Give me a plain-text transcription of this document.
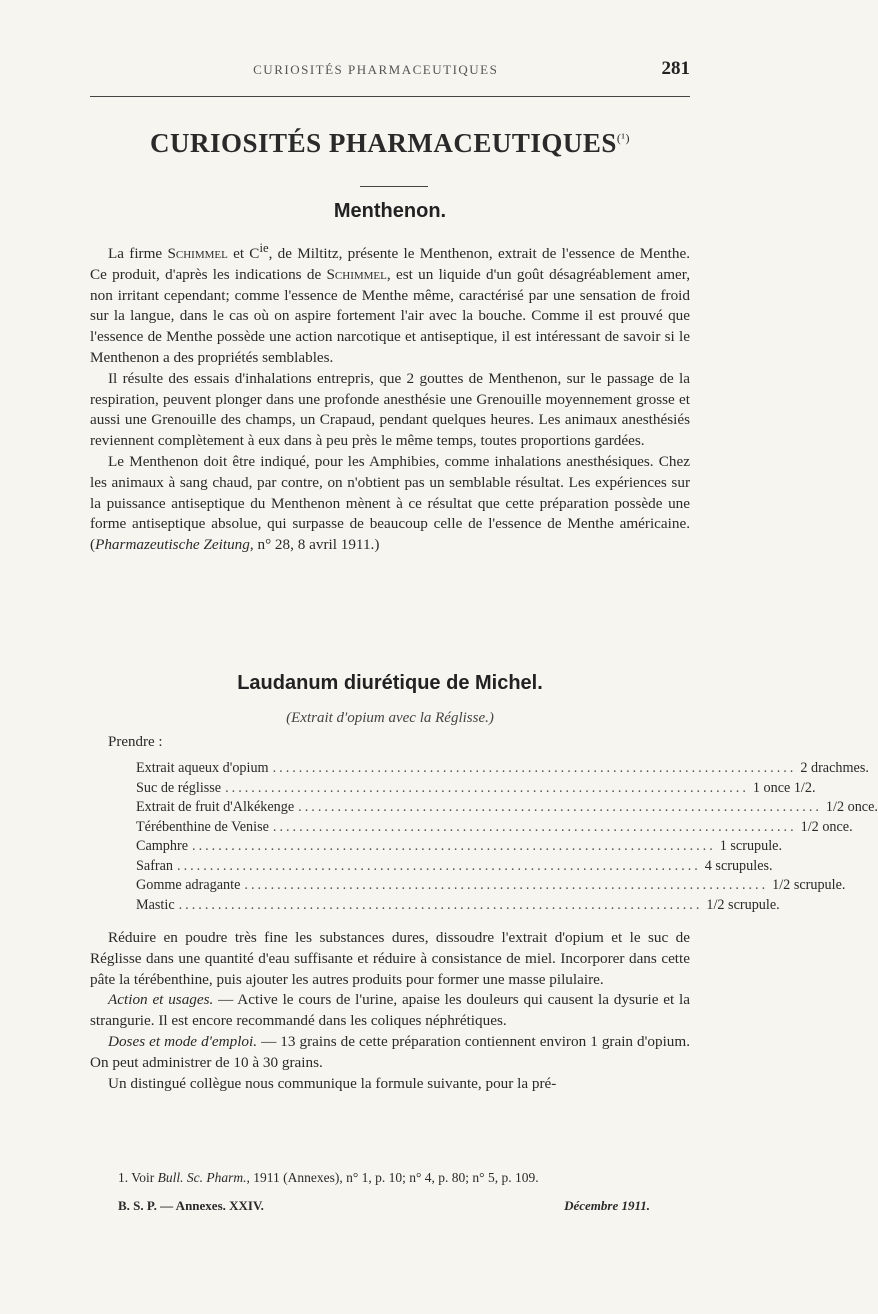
CURIOSITÉS PHARMACEUTIQUES	281
CURIOSITÉS $PHARMACEUTIQUES^{(^1)}$
Menthenon.

La firme Schimmel et $C^{ie}$, de Miltitz, présente le Menthenon, extrait de l'essence de Menthe. Ce produit, d'après les indications de Schimmel, est un liquide d'un goût désagréablement amer, non irritant cependant; comme l'essence de Menthe même, caractérisé par une sensation de froid sur la langue, dans le cas où on aspire fortement l'air avec la bouche. Comme il est prouvé que l'essence de Menthe possède une action narcotique et antiseptique, il est intéressant de savoir si le Menthenon a des propriétés semblables.

Il résulte des essais d'inhalations entrepris, que 2 gouttes de Menthenon, sur le passage de la respiration, peuvent plonger dans une profonde anesthésie une Grenouille moyennement grosse et aussi une Grenouille des champs, un Crapaud, pendant quelques heures. Les animaux anesthésiés reviennent complètement à eux dans à peu près le même temps, toutes proportions gardées.

Le Menthenon doit être indiqué, pour les Amphibies, comme inhalations anesthésiques. Chez les animaux à sang chaud, par contre, on n'obtient pas un semblable résultat. Les expériences sur la puissance antiseptique du Menthenon mènent à ce résultat que cette préparation possède une forme antiseptique absolue, qui surpasse de beaucoup celle de l'essence de Menthe américaine. (Pharmazeutische Zeitung, n° 28, 8 avril 1911.)

Laudanum diurétique de Michel.
(Extrait d'opium avec la Réglisse.)
Prendre :
Extrait aqueux d'opium ................................................................................ 2 drachmes.
Suc de réglisse ................................................................................ 1 once 1/2.
Extrait de fruit d'Alkékenge ................................................................................ 1/2 once.
Térébenthine de Venise ................................................................................ 1/2 once.
Camphre ................................................................................ 1 scrupule.
Safran ................................................................................ 4 scrupules.
Gomme adragante ................................................................................ 1/2 scrupule.
Mastic ................................................................................ 1/2 scrupule.

Réduire en poudre très fine les substances dures, dissoudre l'extrait d'opium et le suc de Réglisse dans une quantité d'eau suffisante et réduire à consistance de miel. Incorporer dans cette pâte la térébenthine, puis ajouter les autres produits pour former une masse pilulaire.

Action et usages. — Active le cours de l'urine, apaise les douleurs qui causent la dysurie et la strangurie. Il est encore recommandé dans les coliques néphrétiques.

Doses et mode d'emploi. — 13 grains de cette préparation contiennent environ 1 grain d'opium. On peut administrer de 10 à 30 grains.

Un distingué collègue nous communique la formule suivante, pour la pré-

1. Voir Bull. Sc. Pharm., 1911 (Annexes), n° 1, p. 10; n° 4, p. 80; n° 5, p. 109.
B. S. P. — Annexes. XXIV.	Décembre 1911.
